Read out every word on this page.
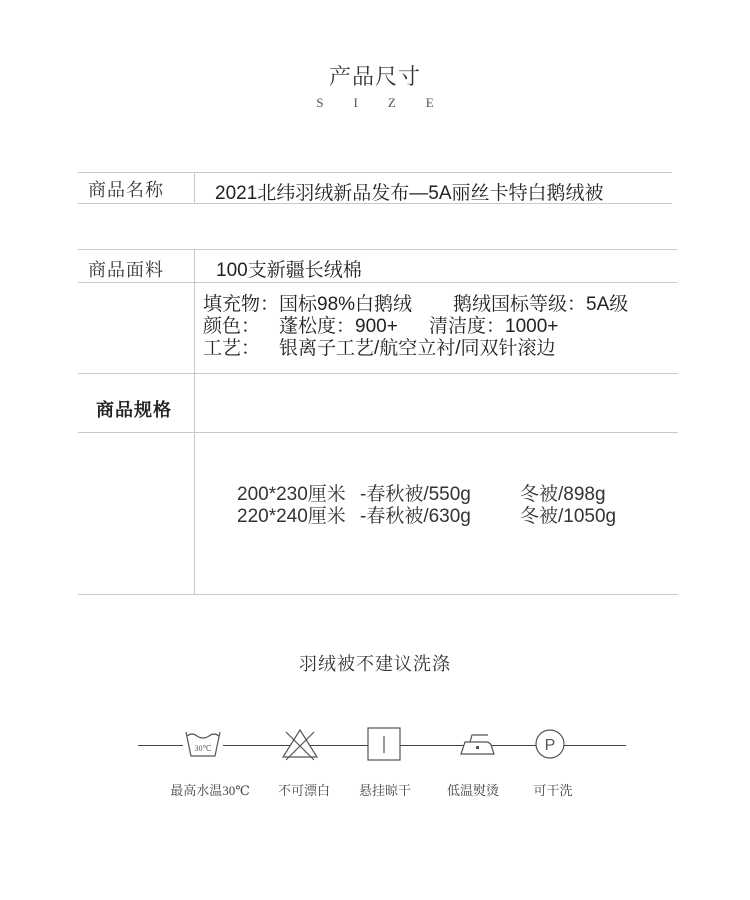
产品尺寸
SIZE
商品名称	2021北纬羽绒新品发布—5A丽丝卡特白鹅绒被
商品面料	100支新疆长绒棉
填充物：国标98%白鹅绒 鹅绒国标等级：5A级
颜色： 蓬松度：900+ 清洁度：1000+
工艺： 银离子工艺/航空立衬/同双针滚边
商品规格
200*230厘米 -春秋被/550g	冬被/898g
220*240厘米 -春秋被/630g	冬被/1050g
羽绒被不建议洗涤
30℃	P
最高水温30℃	不可漂白	悬挂晾干	低温熨烫	可干洗
